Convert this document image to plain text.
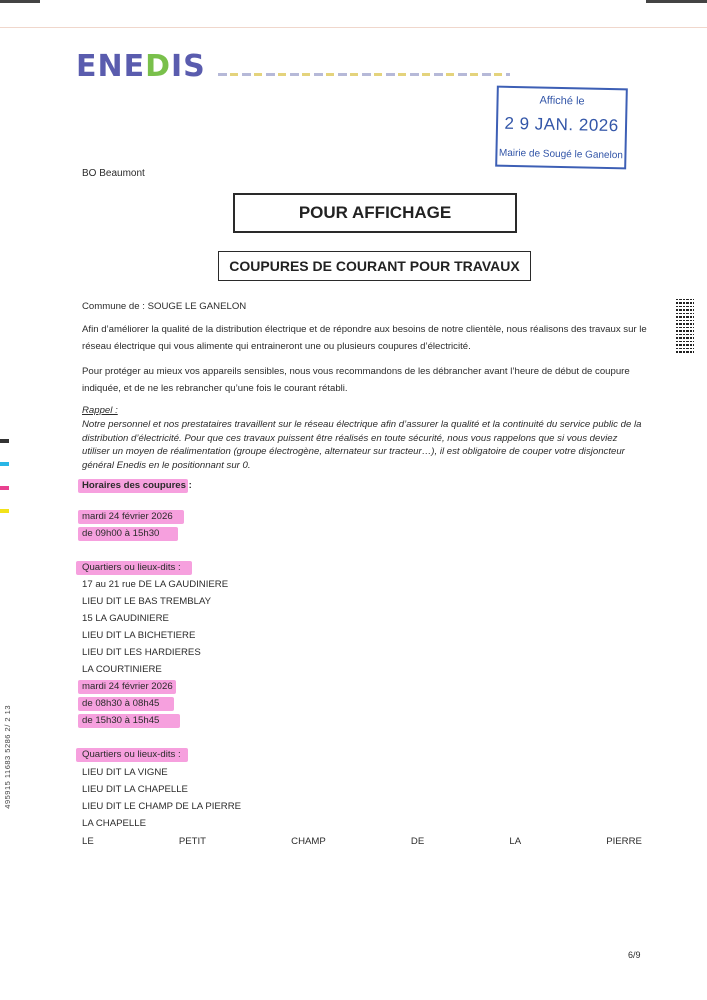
ENEDIS
Affiché le
2 9 JAN. 2026
Mairie de Sougé le Ganelon
BO Beaumont
POUR AFFICHAGE
COUPURES DE COURANT POUR TRAVAUX
Commune de : SOUGE LE GANELON
Afin d’améliorer la qualité de la distribution électrique et de répondre aux besoins de notre clientèle, nous réalisons des travaux sur le réseau électrique qui vous alimente qui entraineront une ou plusieurs coupures d’électricité.
Pour protéger au mieux vos appareils sensibles, nous vous recommandons de les débrancher avant l’heure de début de coupure indiquée, et de ne les rebrancher qu’une fois le courant rétabli.
Rappel :
Notre personnel et nos prestataires travaillent sur le réseau électrique afin d’assurer la qualité et la continuité du service public de la distribution d’électricité. Pour que ces travaux puissent être réalisés en toute sécurité, nous vous rappelons que si vous deviez utiliser un moyen de réalimentation (groupe électrogène, alternateur sur tracteur…), il est obligatoire de couper votre disjoncteur général Enedis en le positionnant sur 0.
Horaires des coupures :
mardi 24 février 2026
de 09h00 à 15h30
Quartiers ou lieux-dits :
17 au 21 rue DE LA GAUDINIERE
LIEU DIT LE BAS TREMBLAY
15 LA GAUDINIERE
LIEU DIT LA BICHETIERE
LIEU DIT LES HARDIERES
LA COURTINIERE
mardi 24 février 2026
de 08h30 à 08h45
de 15h30 à 15h45
Quartiers ou lieux-dits :
LIEU DIT LA VIGNE
LIEU DIT LA CHAPELLE
LIEU DIT LE CHAMP DE LA PIERRE
LA CHAPELLE
LE	PETIT	CHAMP	DE	LA	PIERRE
6/9
495915 11683 5286 2/ 2 13
